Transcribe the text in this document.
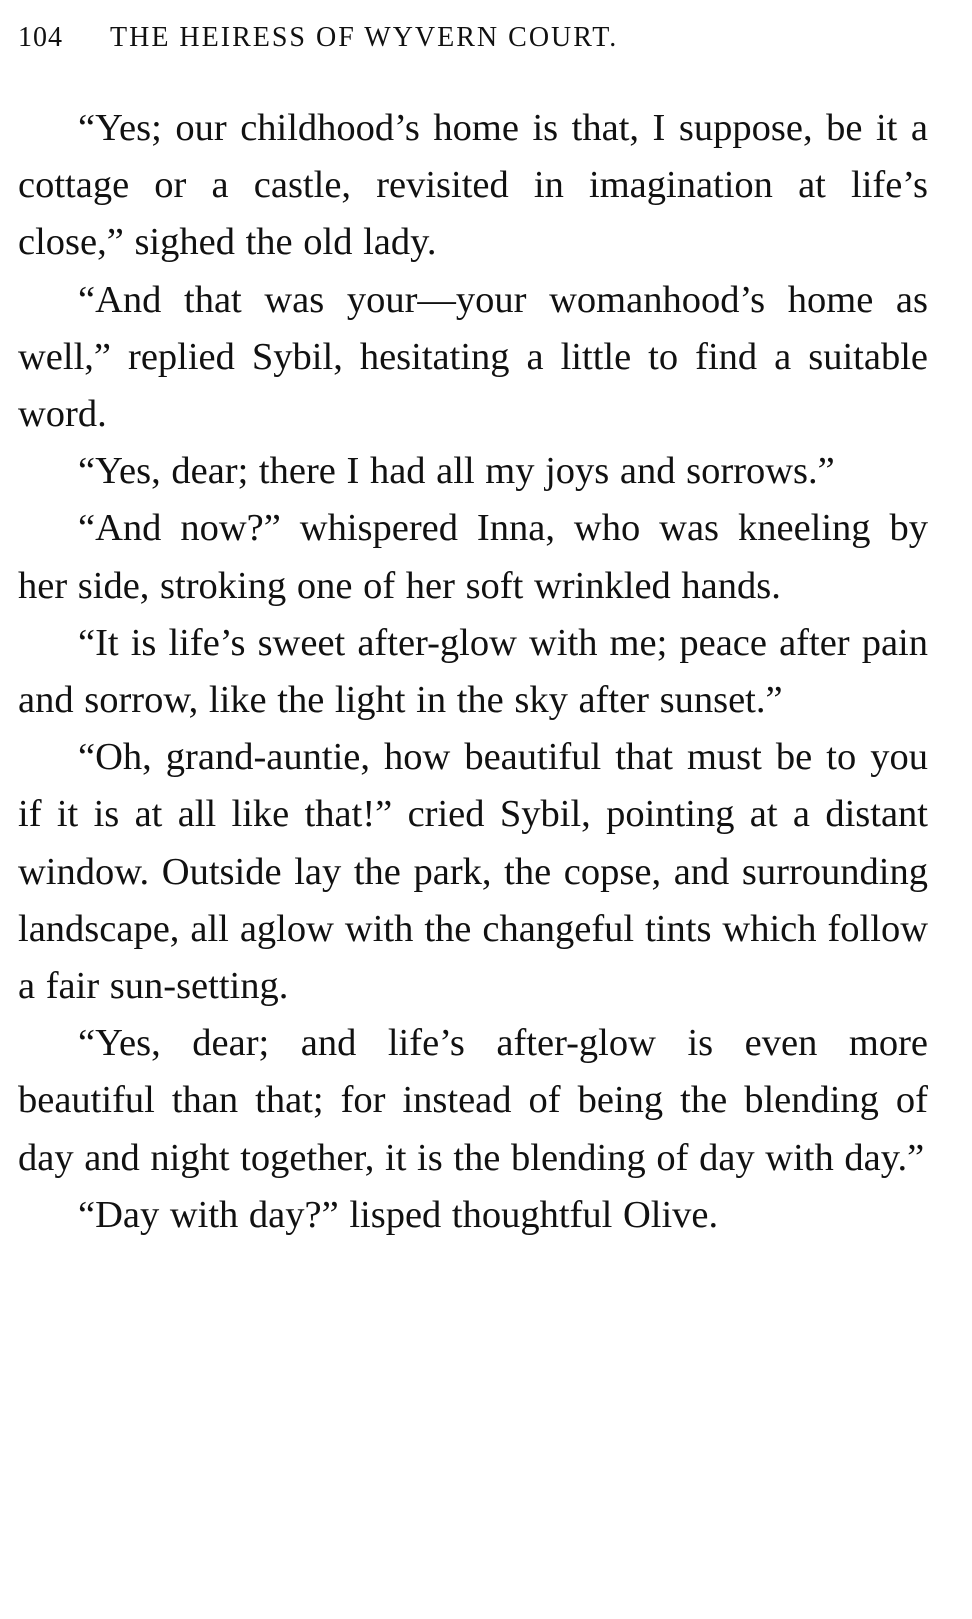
104	THE HEIRESS OF WYVERN COURT.

“Yes; our childhood’s home is that, I suppose, be it a cottage or a castle, revisited in imagination at life’s close,” sighed the old lady.

“And that was your—your womanhood’s home as well,” replied Sybil, hesitating a little to find a suitable word.

“Yes, dear; there I had all my joys and sorrows.”

“And now?” whispered Inna, who was kneeling by her side, stroking one of her soft wrinkled hands.

“It is life’s sweet after-glow with me; peace after pain and sorrow, like the light in the sky after sunset.”

“Oh, grand-auntie, how beautiful that must be to you if it is at all like that!” cried Sybil, pointing at a distant window. Outside lay the park, the copse, and surrounding landscape, all aglow with the changeful tints which follow a fair sun-setting.

“Yes, dear; and life’s after-glow is even more beautiful than that; for instead of being the blending of day and night together, it is the blending of day with day.”

“Day with day?” lisped thoughtful Olive.
